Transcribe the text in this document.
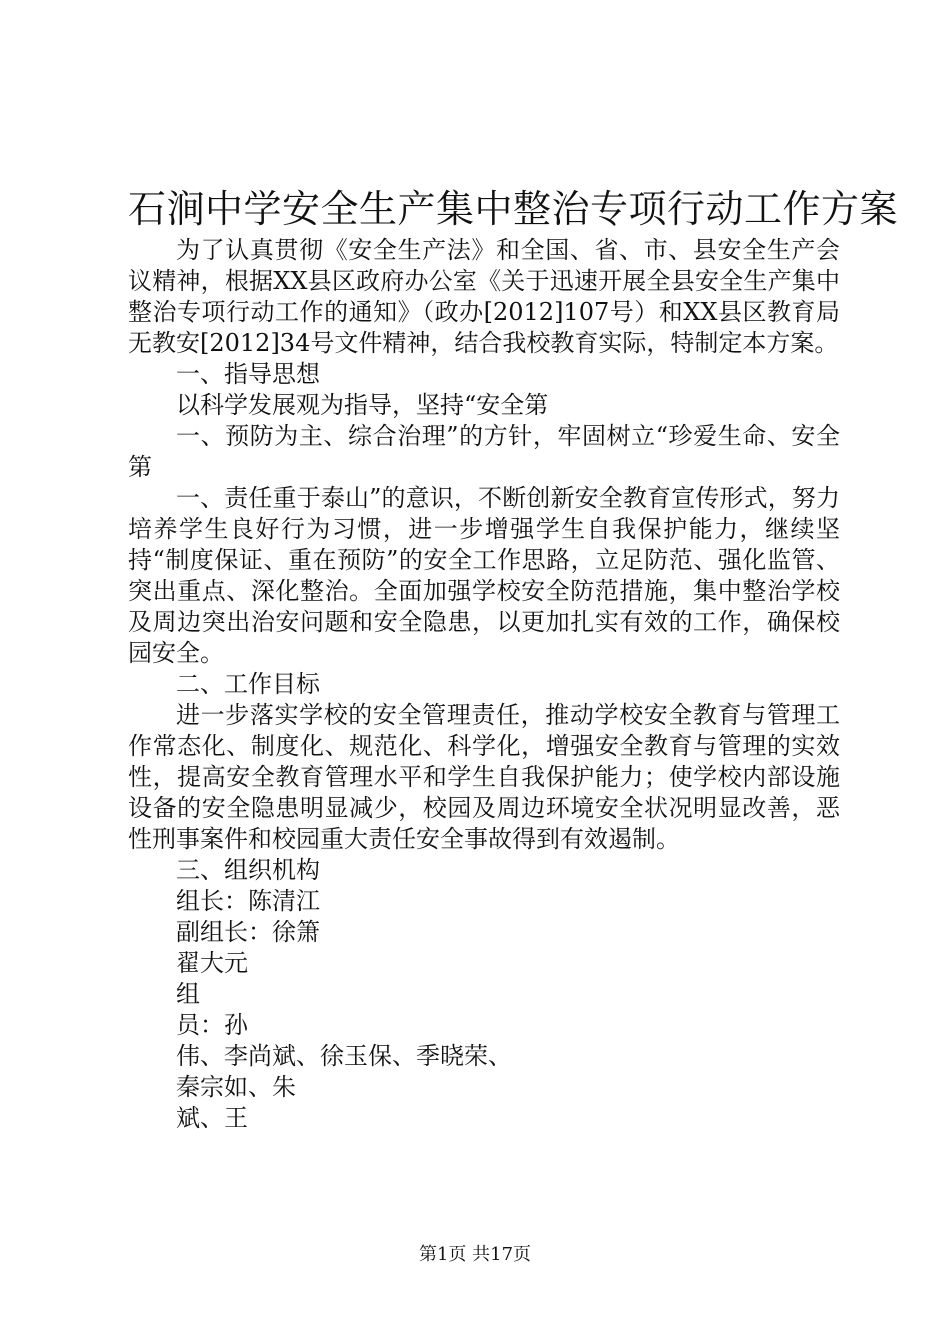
石涧中学安全生产集中整治专项行动工作方案

为了认真贯彻《安全生产法》和全国、省、市、县安全生产会议精神，根据XX县区政府办公室《关于迅速开展全县安全生产集中整治专项行动工作的通知》（政办[2012]107号）和XX县区教育局无教安[2012]34号文件精神，结合我校教育实际，特制定本方案。

一、指导思想

以科学发展观为指导，坚持“安全第

一、预防为主、综合治理”的方针，牢固树立“珍爱生命、安全第

一、责任重于泰山”的意识，不断创新安全教育宣传形式，努力培养学生良好行为习惯，进一步增强学生自我保护能力，继续坚持“制度保证、重在预防”的安全工作思路，立足防范、强化监管、突出重点、深化整治。全面加强学校安全防范措施，集中整治学校及周边突出治安问题和安全隐患，以更加扎实有效的工作，确保校园安全。

二、工作目标

进一步落实学校的安全管理责任，推动学校安全教育与管理工作常态化、制度化、规范化、科学化，增强安全教育与管理的实效性，提高安全教育管理水平和学生自我保护能力；使学校内部设施设备的安全隐患明显减少，校园及周边环境安全状况明显改善，恶性刑事案件和校园重大责任安全事故得到有效遏制。

三、组织机构

组长：陈清江

副组长：徐箫

翟大元

组

员：孙

伟、李尚斌、徐玉保、季晓荣、

秦宗如、朱

斌、王

第1页 共17页
